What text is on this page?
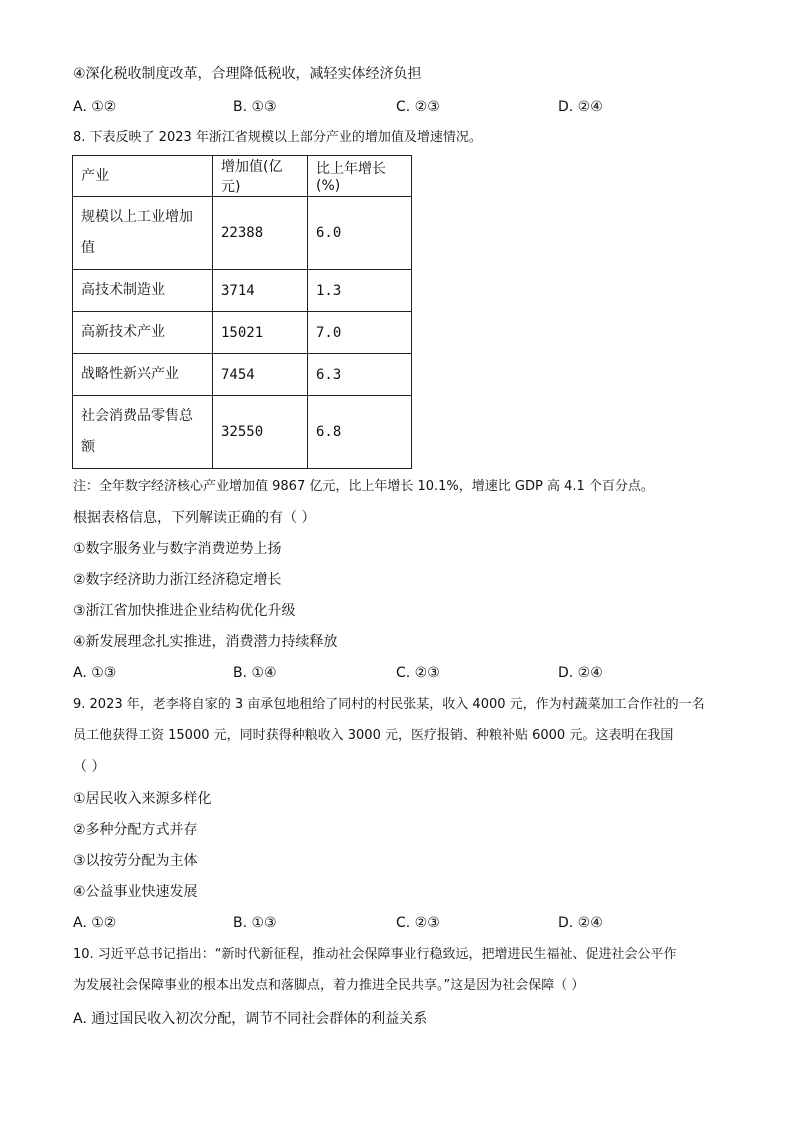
④深化税收制度改革，合理降低税收，减轻实体经济负担
A. ①②	B. ①③	C. ②③	D. ②④
8. 下表反映了 2023 年浙江省规模以上部分产业的增加值及增速情况。
产业	增加值(亿元)	比上年增长(%)
规模以上工业增加值	22388	6.0
高技术制造业	3714	1.3
高新技术产业	15021	7.0
战略性新兴产业	7454	6.3
社会消费品零售总额	32550	6.8
注：全年数字经济核心产业增加值 9867 亿元，比上年增长 10.1%，增速比 GDP 高 4.1 个百分点。
根据表格信息，下列解读正确的有（ ）
①数字服务业与数字消费逆势上扬
②数字经济助力浙江经济稳定增长
③浙江省加快推进企业结构优化升级
④新发展理念扎实推进，消费潜力持续释放
A. ①③	B. ①④	C. ②③	D. ②④
9. 2023 年，老李将自家的 3 亩承包地租给了同村的村民张某，收入 4000 元，作为村蔬菜加工合作社的一名
员工他获得工资 15000 元，同时获得种粮收入 3000 元，医疗报销、种粮补贴 6000 元。这表明在我国
（ ）
①居民收入来源多样化
②多种分配方式并存
③以按劳分配为主体
④公益事业快速发展
A. ①②	B. ①③	C. ②③	D. ②④
10. 习近平总书记指出：“新时代新征程，推动社会保障事业行稳致远，把增进民生福祉、促进社会公平作
为发展社会保障事业的根本出发点和落脚点，着力推进全民共享。”这是因为社会保障（ ）
A. 通过国民收入初次分配，调节不同社会群体的利益关系
